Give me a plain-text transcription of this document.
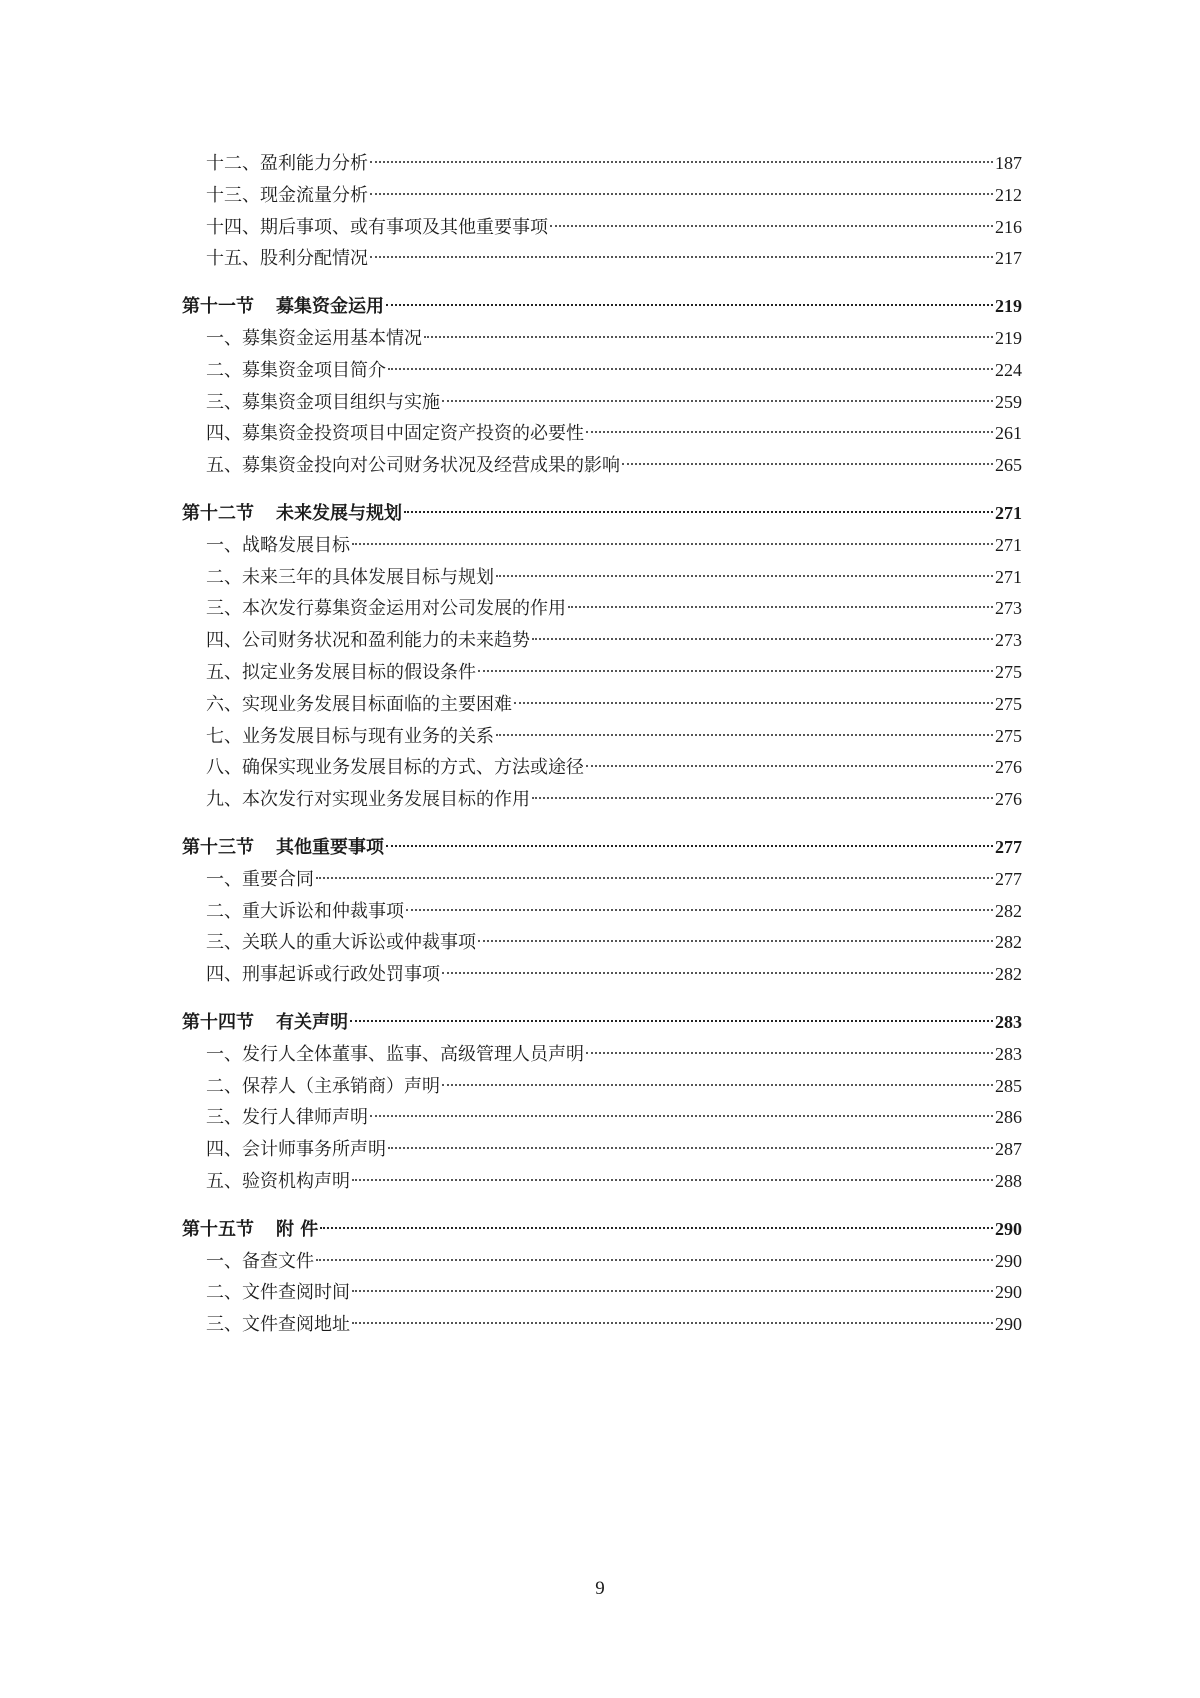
十二、盈利能力分析	187
十三、现金流量分析	212
十四、期后事项、或有事项及其他重要事项	216
十五、股利分配情况	217
第十一节 募集资金运用	219
一、募集资金运用基本情况	219
二、募集资金项目简介	224
三、募集资金项目组织与实施	259
四、募集资金投资项目中固定资产投资的必要性	261
五、募集资金投向对公司财务状况及经营成果的影响	265
第十二节 未来发展与规划	271
一、战略发展目标	271
二、未来三年的具体发展目标与规划	271
三、本次发行募集资金运用对公司发展的作用	273
四、公司财务状况和盈利能力的未来趋势	273
五、拟定业务发展目标的假设条件	275
六、实现业务发展目标面临的主要困难	275
七、业务发展目标与现有业务的关系	275
八、确保实现业务发展目标的方式、方法或途径	276
九、本次发行对实现业务发展目标的作用	276
第十三节 其他重要事项	277
一、重要合同	277
二、重大诉讼和仲裁事项	282
三、关联人的重大诉讼或仲裁事项	282
四、刑事起诉或行政处罚事项	282
第十四节 有关声明	283
一、发行人全体董事、监事、高级管理人员声明	283
二、保荐人（主承销商）声明	285
三、发行人律师声明	286
四、会计师事务所声明	287
五、验资机构声明	288
第十五节 附 件	290
一、备查文件	290
二、文件查阅时间	290
三、文件查阅地址	290
9
